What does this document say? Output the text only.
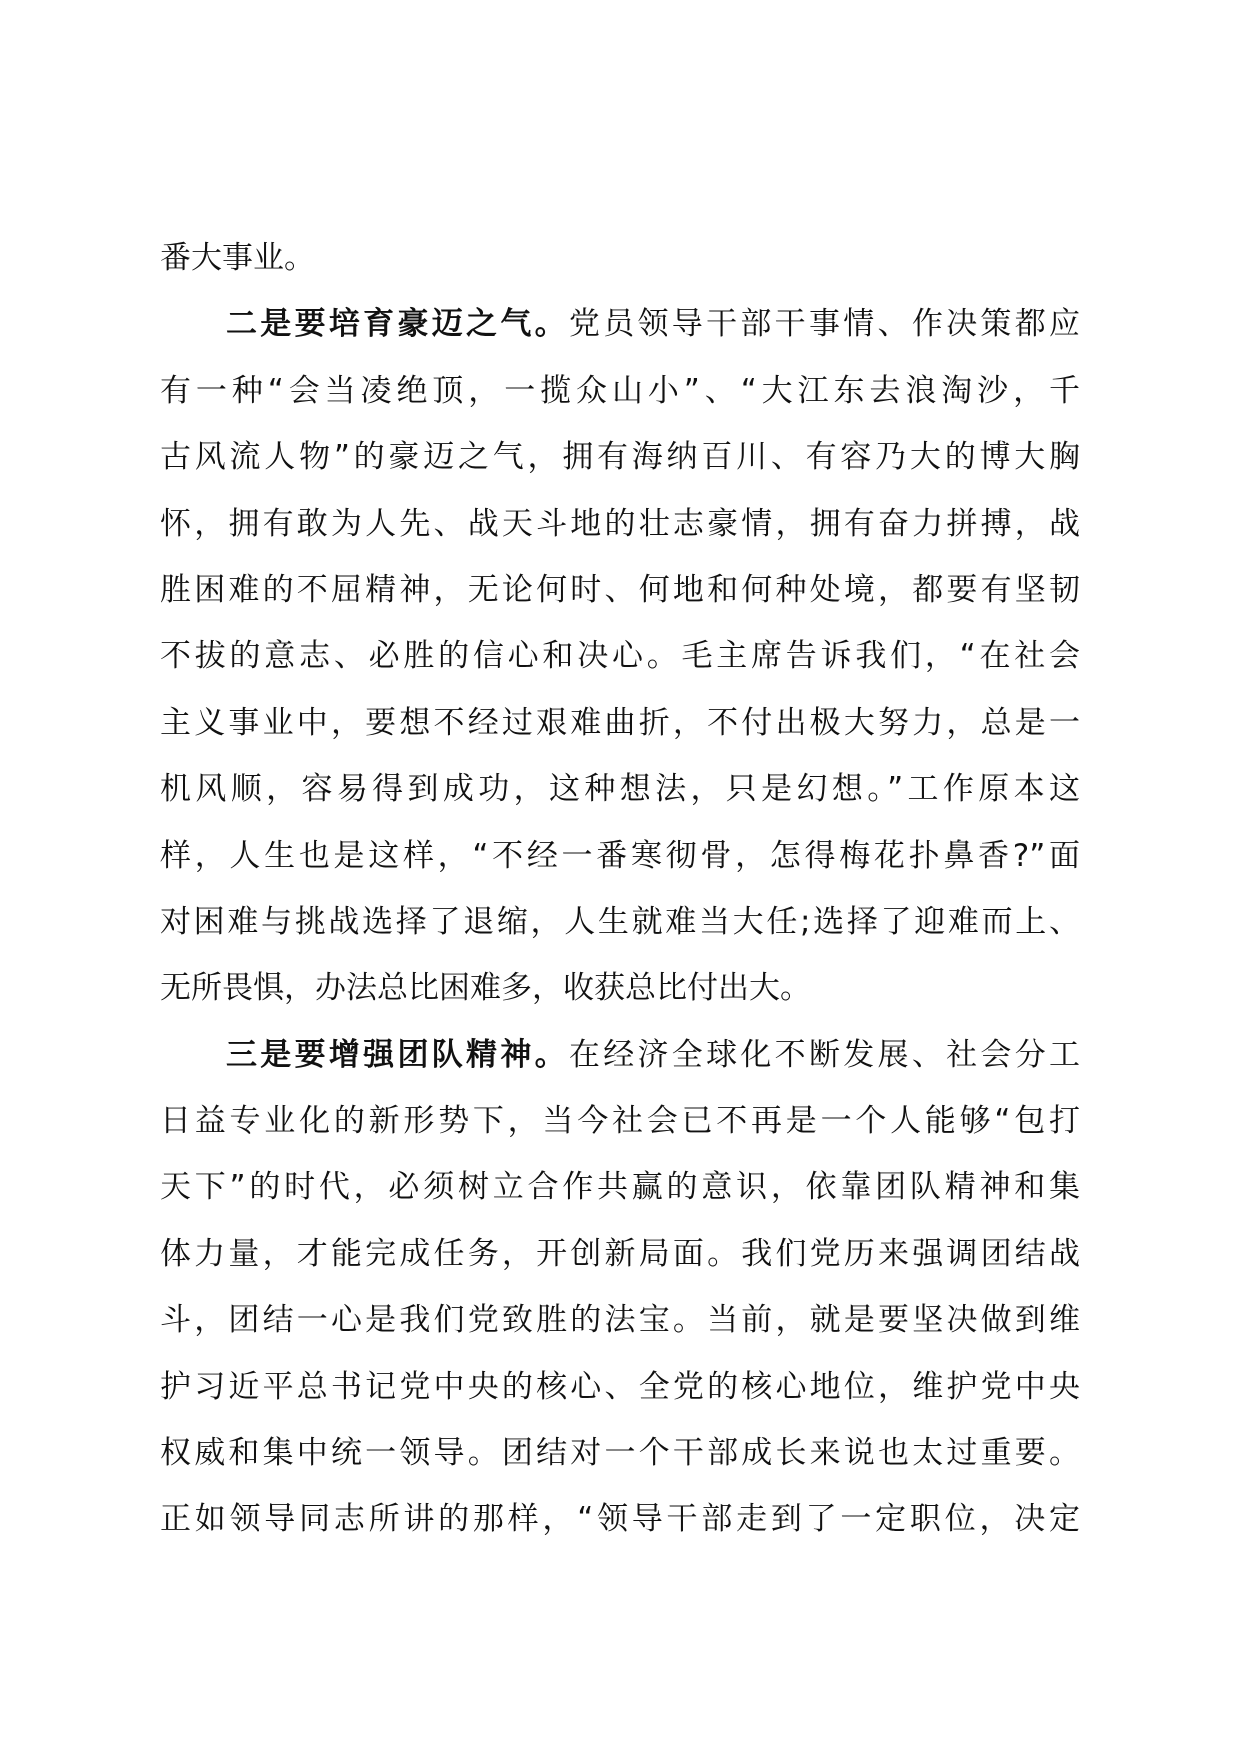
番大事业。
二是要培育豪迈之气。党员领导干部干事情、作决策都应
有一种“会当凌绝顶，一揽众山小”、“大江东去浪淘沙，千
古风流人物”的豪迈之气，拥有海纳百川、有容乃大的博大胸
怀，拥有敢为人先、战天斗地的壮志豪情，拥有奋力拼搏，战
胜困难的不屈精神，无论何时、何地和何种处境，都要有坚韧
不拔的意志、必胜的信心和决心。毛主席告诉我们，“在社会
主义事业中，要想不经过艰难曲折，不付出极大努力，总是一
机风顺，容易得到成功，这种想法，只是幻想。”工作原本这
样，人生也是这样，“不经一番寒彻骨，怎得梅花扑鼻香?”面
对困难与挑战选择了退缩，人生就难当大任;选择了迎难而上、
无所畏惧，办法总比困难多，收获总比付出大。
三是要增强团队精神。在经济全球化不断发展、社会分工
日益专业化的新形势下，当今社会已不再是一个人能够“包打
天下”的时代，必须树立合作共赢的意识，依靠团队精神和集
体力量，才能完成任务，开创新局面。我们党历来强调团结战
斗，团结一心是我们党致胜的法宝。当前，就是要坚决做到维
护习近平总书记党中央的核心、全党的核心地位，维护党中央
权威和集中统一领导。团结对一个干部成长来说也太过重要。
正如领导同志所讲的那样，“领导干部走到了一定职位，决定
